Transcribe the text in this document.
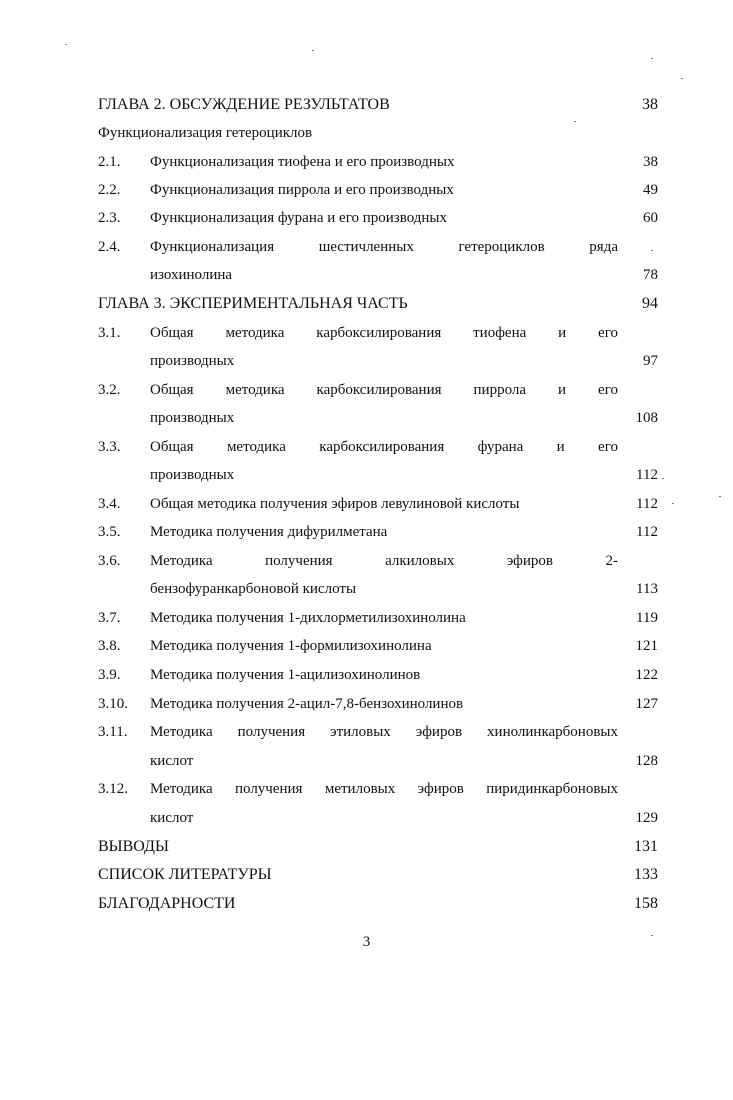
ГЛАВА 2. ОБСУЖДЕНИЕ РЕЗУЛЬТАТОВ	38
Функционализация гетероциклов
2.1. Функционализация тиофена и его производных	38
2.2. Функционализация пиррола и его производных	49
2.3. Функционализация фурана и его производных	60
2.4. Функционализация шестичленных гетероциклов ряда
изохинолина	78
ГЛАВА 3. ЭКСПЕРИМЕНТАЛЬНАЯ ЧАСТЬ	94
3.1. Общая методика карбоксилирования тиофена и его
производных	97
3.2. Общая методика карбоксилирования пиррола и его
производных	108
3.3. Общая методика карбоксилирования фурана и его
производных	112
3.4. Общая методика получения эфиров левулиновой кислоты	112
3.5. Методика получения дифурилметана	112
3.6. Методика получения алкиловых эфиров 2-
бензофуранкарбоновой кислоты	113
3.7. Методика получения 1-дихлорметилизохинолина	119
3.8. Методика получения 1-формилизохинолина	121
3.9. Методика получения 1-ацилизохинолинов	122
3.10. Методика получения 2-ацил-7,8-бензохинолинов	127
3.11. Методика получения этиловых эфиров хинолинкарбоновых
кислот	128
3.12. Методика получения метиловых эфиров пиридинкарбоновых
кислот	129
ВЫВОДЫ	131
СПИСОК ЛИТЕРАТУРЫ	133
БЛАГОДАРНОСТИ	158
3
